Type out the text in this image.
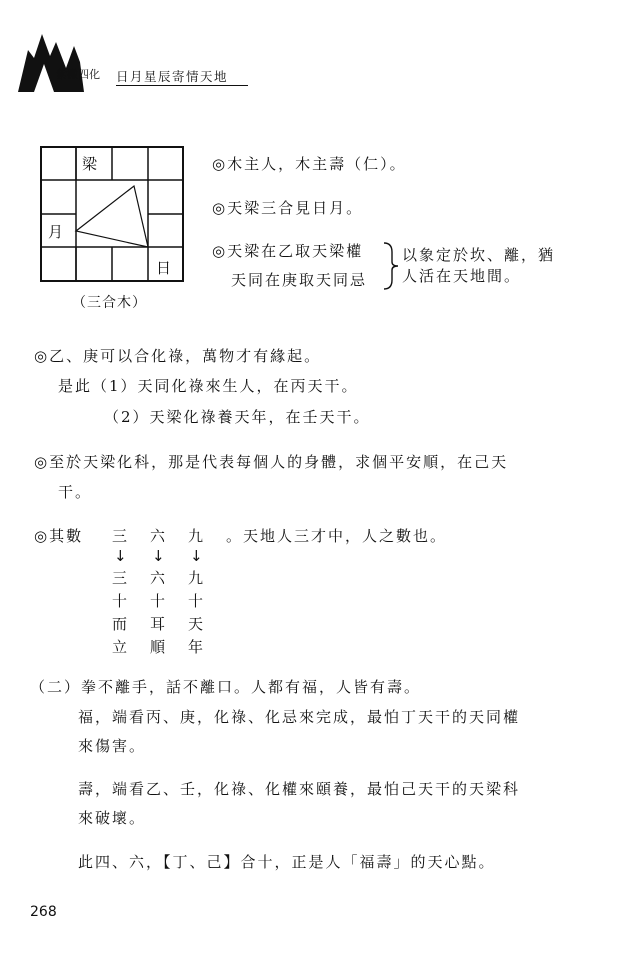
紫微四化 日月星辰寄情天地
梁
月
日
（三合木）
◎木主人，木主壽（仁）。
◎天梁三合見日月。
◎天梁在乙取天梁權
天同在庚取天同忌
以象定於坎、離，猶
人活在天地間。
◎乙、庚可以合化祿，萬物才有緣起。
是此（1）天同化祿來生人，在丙天干。
（2）天梁化祿養天年，在壬天干。
◎至於天梁化科，那是代表每個人的身體，求個平安順，在己天
干。
◎其數 三 六 九 。天地人三才中，人之數也。
↓ ↓ ↓
三 六 九
十 十 十
而 耳 天
立 順 年
（二）拳不離手，話不離口。人都有福，人皆有壽。
福，端看丙、庚，化祿、化忌來完成，最怕丁天干的天同權
來傷害。
壽，端看乙、壬，化祿、化權來頤養，最怕己天干的天梁科
來破壞。
此四、六，【丁、己】合十，正是人「福壽」的天心點。
268
